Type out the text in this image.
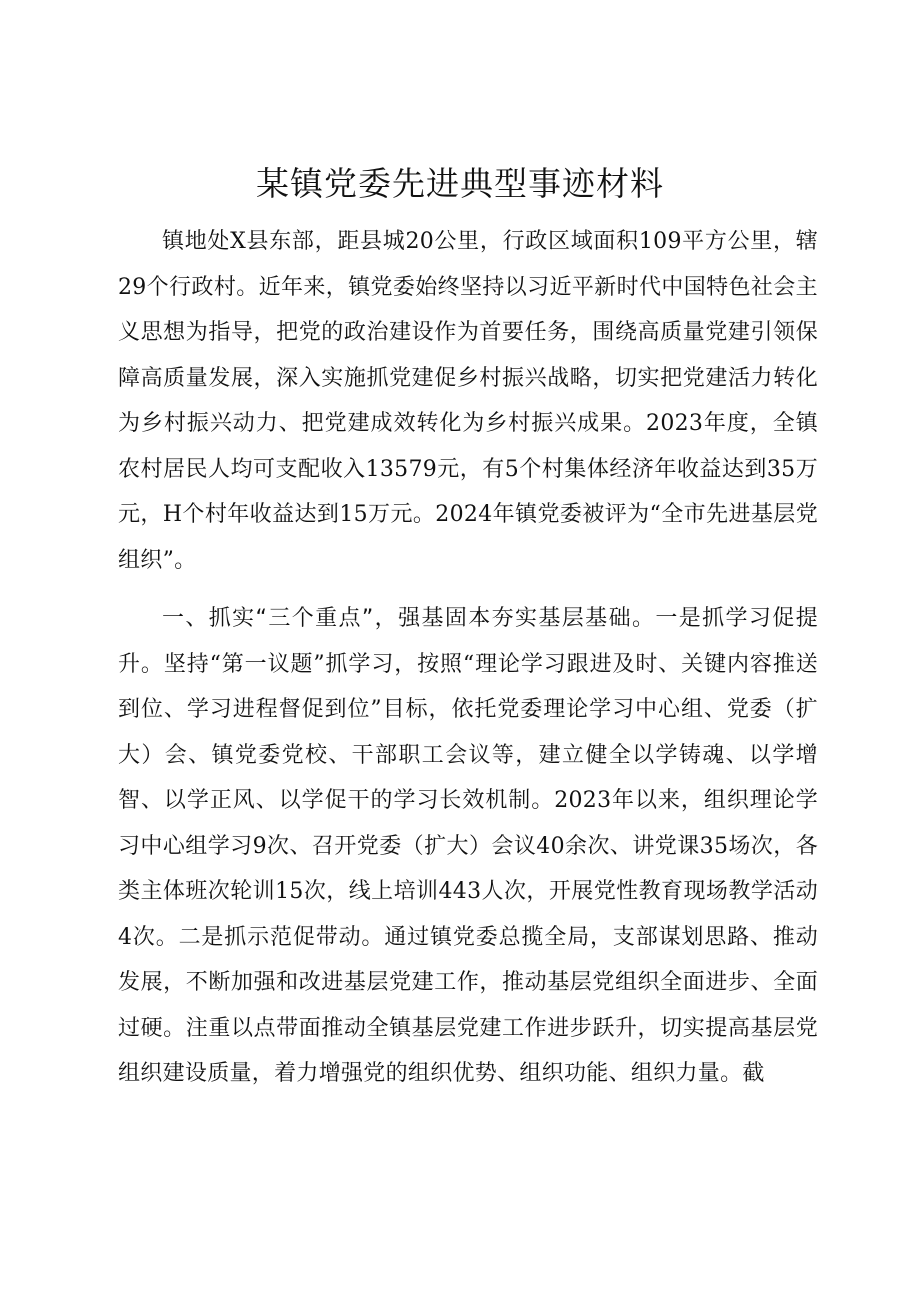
某镇党委先进典型事迹材料

镇地处X县东部，距县城20公里，行政区域面积109平方公里，辖29个行政村。近年来，镇党委始终坚持以习近平新时代中国特色社会主义思想为指导，把党的政治建设作为首要任务，围绕高质量党建引领保障高质量发展，深入实施抓党建促乡村振兴战略，切实把党建活力转化为乡村振兴动力、把党建成效转化为乡村振兴成果。2023年度，全镇农村居民人均可支配收入13579元，有5个村集体经济年收益达到35万元，H个村年收益达到15万元。2024年镇党委被评为“全市先进基层党组织”。

一、抓实“三个重点”，强基固本夯实基层基础。一是抓学习促提升。坚持“第一议题”抓学习，按照“理论学习跟进及时、关键内容推送到位、学习进程督促到位”目标，依托党委理论学习中心组、党委（扩大）会、镇党委党校、干部职工会议等，建立健全以学铸魂、以学增智、以学正风、以学促干的学习长效机制。2023年以来，组织理论学习中心组学习9次、召开党委（扩大）会议40余次、讲党课35场次，各类主体班次轮训15次，线上培训443人次，开展党性教育现场教学活动4次。二是抓示范促带动。通过镇党委总揽全局，支部谋划思路、推动发展，不断加强和改进基层党建工作，推动基层党组织全面进步、全面过硬。注重以点带面推动全镇基层党建工作进步跃升，切实提高基层党组织建设质量，着力增强党的组织优势、组织功能、组织力量。截
